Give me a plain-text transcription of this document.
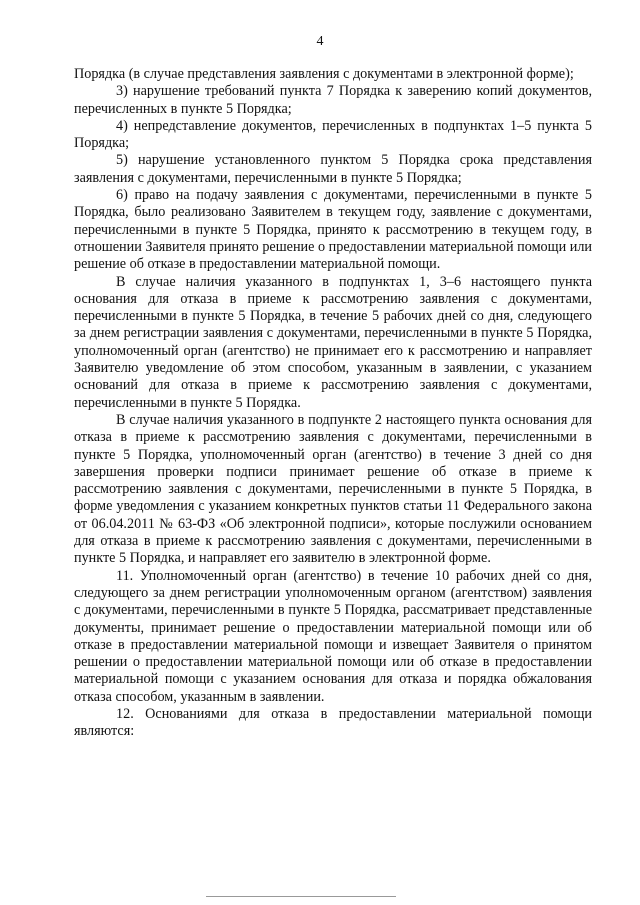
4

Порядка (в случае представления заявления с документами в электронной форме);

3) нарушение требований пункта 7 Порядка к заверению копий документов, перечисленных в пункте 5 Порядка;

4) непредставление документов, перечисленных в подпунктах 1–5 пункта 5 Порядка;

5) нарушение установленного пунктом 5 Порядка срока представления заявления с документами, перечисленными в пункте 5 Порядка;

6) право на подачу заявления с документами, перечисленными в пункте 5 Порядка, было реализовано Заявителем в текущем году, заявление с документами, перечисленными в пункте 5 Порядка, принято к рассмотрению в текущем году, в отношении Заявителя принято решение о предоставлении материальной помощи или решение об отказе в предоставлении материальной помощи.

В случае наличия указанного в подпунктах 1, 3–6 настоящего пункта основания для отказа в приеме к рассмотрению заявления с документами, перечисленными в пункте 5 Порядка, в течение 5 рабочих дней со дня, следующего за днем регистрации заявления с документами, перечисленными в пункте 5 Порядка, уполномоченный орган (агентство) не принимает его к рассмотрению и направляет Заявителю уведомление об этом способом, указанным в заявлении, с указанием оснований для отказа в приеме к рассмотрению заявления с документами, перечисленными в пункте 5 Порядка.

В случае наличия указанного в подпункте 2 настоящего пункта основания для отказа в приеме к рассмотрению заявления с документами, перечисленными в пункте 5 Порядка, уполномоченный орган (агентство) в течение 3 дней со дня завершения проверки подписи принимает решение об отказе в приеме к рассмотрению заявления с документами, перечисленными в пункте 5 Порядка, в форме уведомления с указанием конкретных пунктов статьи 11 Федерального закона от 06.04.2011 № 63-ФЗ «Об электронной подписи», которые послужили основанием для отказа в приеме к рассмотрению заявления с документами, перечисленными в пункте 5 Порядка, и направляет его заявителю в электронной форме.

11. Уполномоченный орган (агентство) в течение 10 рабочих дней со дня, следующего за днем регистрации уполномоченным органом (агентством) заявления с документами, перечисленными в пункте 5 Порядка, рассматривает представленные документы, принимает решение о предоставлении материальной помощи или об отказе в предоставлении материальной помощи и извещает Заявителя о принятом решении о предоставлении материальной помощи или об отказе в предоставлении материальной помощи с указанием основания для отказа и порядка обжалования отказа способом, указанным в заявлении.

12. Основаниями для отказа в предоставлении материальной помощи являются:
